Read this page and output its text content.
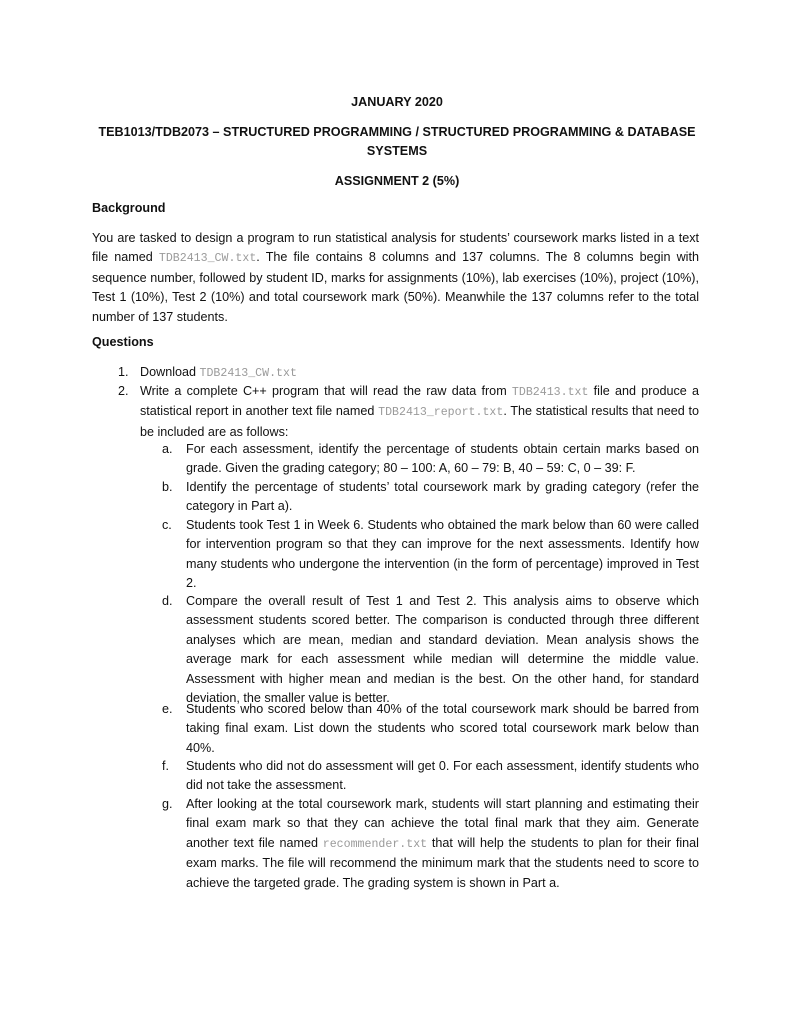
JANUARY 2020
TEB1013/TDB2073 – STRUCTURED PROGRAMMING / STRUCTURED PROGRAMMING & DATABASE
SYSTEMS
ASSIGNMENT 2 (5%)
Background
You are tasked to design a program to run statistical analysis for students’ coursework marks listed in a text file named TDB2413_CW.txt. The file contains 8 columns and 137 columns. The 8 columns begin with sequence number, followed by student ID, marks for assignments (10%), lab exercises (10%), project (10%), Test 1 (10%), Test 2 (10%) and total coursework mark (50%). Meanwhile the 137 columns refer to the total number of 137 students.
Questions
1. Download TDB2413_CW.txt
2. Write a complete C++ program that will read the raw data from TDB2413.txt file and produce a statistical report in another text file named TDB2413_report.txt. The statistical results that need to be included are as follows:
a. For each assessment, identify the percentage of students obtain certain marks based on grade. Given the grading category; 80 – 100: A, 60 – 79: B, 40 – 59: C, 0 – 39: F.
b. Identify the percentage of students’ total coursework mark by grading category (refer the category in Part a).
c. Students took Test 1 in Week 6. Students who obtained the mark below than 60 were called for intervention program so that they can improve for the next assessments. Identify how many students who undergone the intervention (in the form of percentage) improved in Test 2.
d. Compare the overall result of Test 1 and Test 2. This analysis aims to observe which assessment students scored better. The comparison is conducted through three different analyses which are mean, median and standard deviation. Mean analysis shows the average mark for each assessment while median will determine the middle value. Assessment with higher mean and median is the best. On the other hand, for standard deviation, the smaller value is better.
e. Students who scored below than 40% of the total coursework mark should be barred from taking final exam. List down the students who scored total coursework mark below than 40%.
f. Students who did not do assessment will get 0. For each assessment, identify students who did not take the assessment.
g. After looking at the total coursework mark, students will start planning and estimating their final exam mark so that they can achieve the total final mark that they aim. Generate another text file named recommender.txt that will help the students to plan for their final exam marks. The file will recommend the minimum mark that the students need to score to achieve the targeted grade. The grading system is shown in Part a.
